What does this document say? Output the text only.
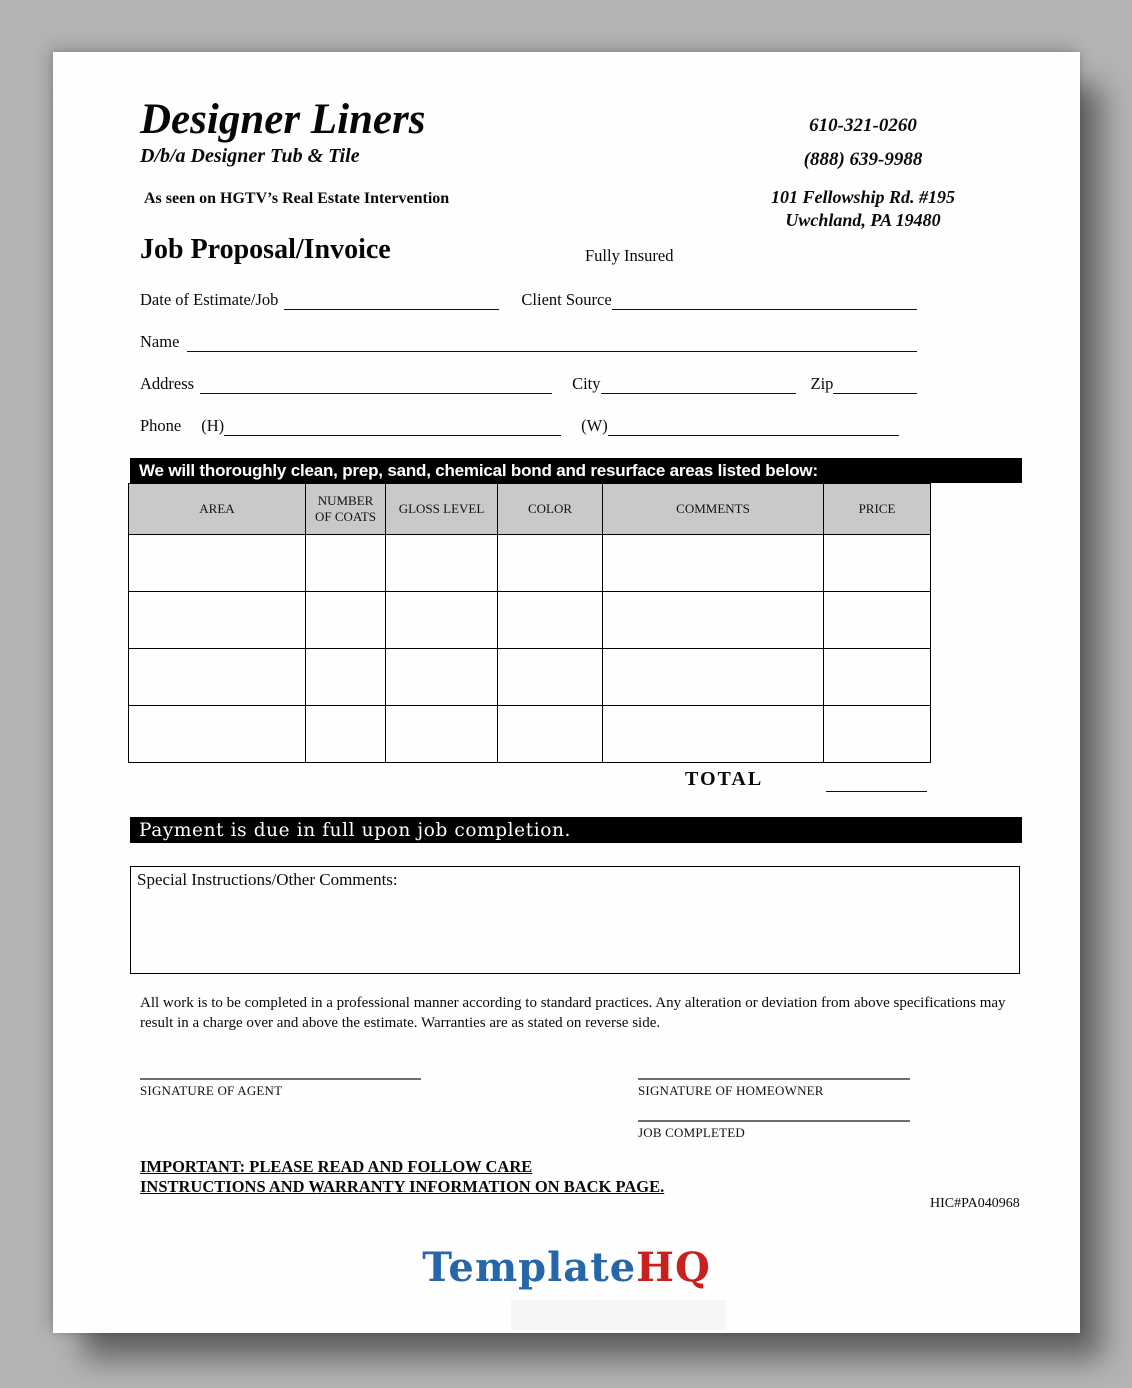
Designer Liners
D/b/a Designer Tub & Tile
As seen on HGTV’s Real Estate Intervention
610-321-0260
(888) 639-9988
101 Fellowship Rd. #195
Uwchland, PA 19480
Job Proposal/Invoice	Fully Insured
Date of Estimate/Job	Client Source
Name
Address	City	Zip
Phone (H)	(W)
We will thoroughly clean, prep, sand, chemical bond and resurface areas listed below:
AREA	NUMBER OF COATS	GLOSS LEVEL	COLOR	COMMENTS	PRICE

TOTAL
Payment is due in full upon job completion.
Special Instructions/Other Comments:
All work is to be completed in a professional manner according to standard practices. Any alteration or deviation from above specifications may result in a charge over and above the estimate. Warranties are as stated on reverse side.
SIGNATURE OF AGENT	SIGNATURE OF HOMEOWNER
JOB COMPLETED
IMPORTANT: PLEASE READ AND FOLLOW CARE
INSTRUCTIONS AND WARRANTY INFORMATION ON BACK PAGE.
HIC#PA040968
TemplateHQ
